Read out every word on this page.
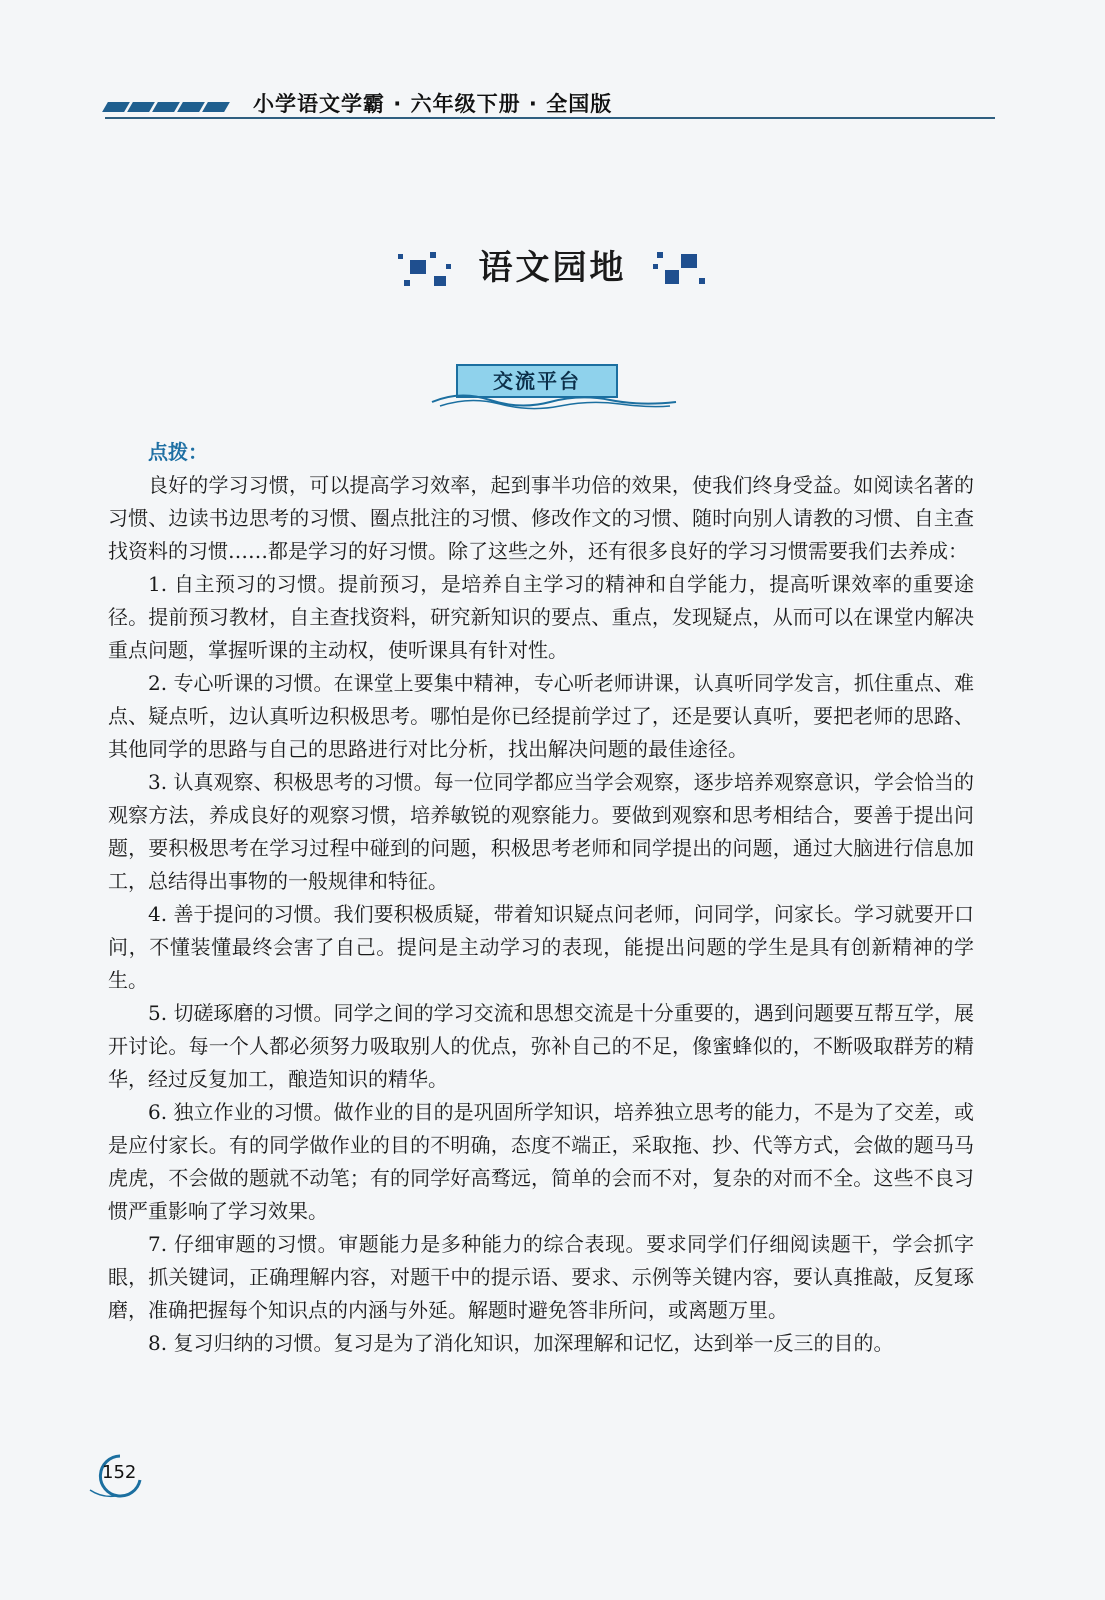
小学语文学霸 · 六年级下册 · 全国版
语文园地
交流平台

点拨：

良好的学习习惯，可以提高学习效率，起到事半功倍的效果，使我们终身受益。如阅读名著的习惯、边读书边思考的习惯、圈点批注的习惯、修改作文的习惯、随时向别人请教的习惯、自主查找资料的习惯……都是学习的好习惯。除了这些之外，还有很多良好的学习习惯需要我们去养成：

1. 自主预习的习惯。提前预习，是培养自主学习的精神和自学能力，提高听课效率的重要途径。提前预习教材，自主查找资料，研究新知识的要点、重点，发现疑点，从而可以在课堂内解决重点问题，掌握听课的主动权，使听课具有针对性。

2. 专心听课的习惯。在课堂上要集中精神，专心听老师讲课，认真听同学发言，抓住重点、难点、疑点听，边认真听边积极思考。哪怕是你已经提前学过了，还是要认真听，要把老师的思路、其他同学的思路与自己的思路进行对比分析，找出解决问题的最佳途径。

3. 认真观察、积极思考的习惯。每一位同学都应当学会观察，逐步培养观察意识，学会恰当的观察方法，养成良好的观察习惯，培养敏锐的观察能力。要做到观察和思考相结合，要善于提出问题，要积极思考在学习过程中碰到的问题，积极思考老师和同学提出的问题，通过大脑进行信息加工，总结得出事物的一般规律和特征。

4. 善于提问的习惯。我们要积极质疑，带着知识疑点问老师，问同学，问家长。学习就要开口问，不懂装懂最终会害了自己。提问是主动学习的表现，能提出问题的学生是具有创新精神的学生。

5. 切磋琢磨的习惯。同学之间的学习交流和思想交流是十分重要的，遇到问题要互帮互学，展开讨论。每一个人都必须努力吸取别人的优点，弥补自己的不足，像蜜蜂似的，不断吸取群芳的精华，经过反复加工，酿造知识的精华。

6. 独立作业的习惯。做作业的目的是巩固所学知识，培养独立思考的能力，不是为了交差，或是应付家长。有的同学做作业的目的不明确，态度不端正，采取拖、抄、代等方式，会做的题马马虎虎，不会做的题就不动笔；有的同学好高骛远，简单的会而不对，复杂的对而不全。这些不良习惯严重影响了学习效果。

7. 仔细审题的习惯。审题能力是多种能力的综合表现。要求同学们仔细阅读题干，学会抓字眼，抓关键词，正确理解内容，对题干中的提示语、要求、示例等关键内容，要认真推敲，反复琢磨，准确把握每个知识点的内涵与外延。解题时避免答非所问，或离题万里。

8. 复习归纳的习惯。复习是为了消化知识，加深理解和记忆，达到举一反三的目的。

152
